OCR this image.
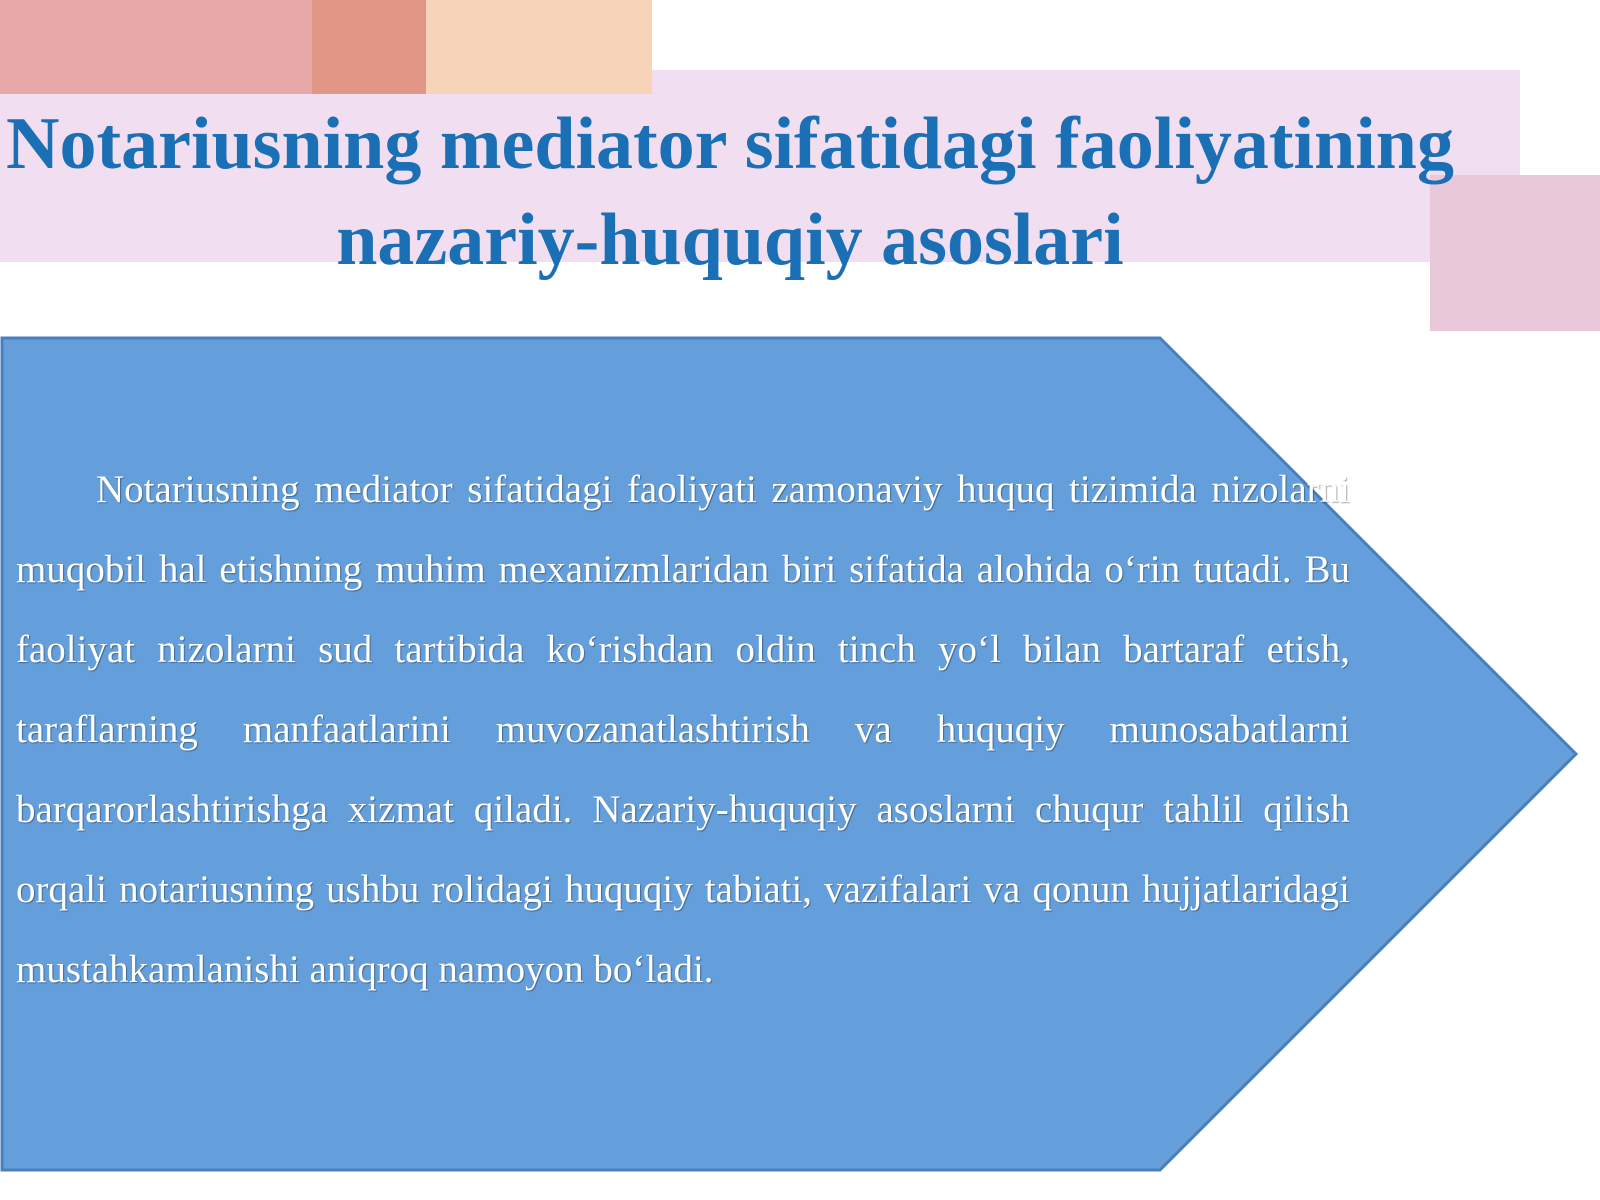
Notariusning mediator sifatidagi faoliyatining nazariy-huquqiy asoslari

Notariusning mediator sifatidagi faoliyati zamonaviy huquq tizimida nizolarni muqobil hal etishning muhim mexanizmlaridan biri sifatida alohida o‘rin tutadi. Bu faoliyat nizolarni sud tartibida ko‘rishdan oldin tinch yo‘l bilan bartaraf etish, taraflarning manfaatlarini muvozanatlashtirish va huquqiy munosabatlarni barqarorlashtirishga xizmat qiladi. Nazariy-huquqiy asoslarni chuqur tahlil qilish orqali notariusning ushbu rolidagi huquqiy tabiati, vazifalari va qonun hujjatlaridagi mustahkamlanishi aniqroq namoyon bo‘ladi.
